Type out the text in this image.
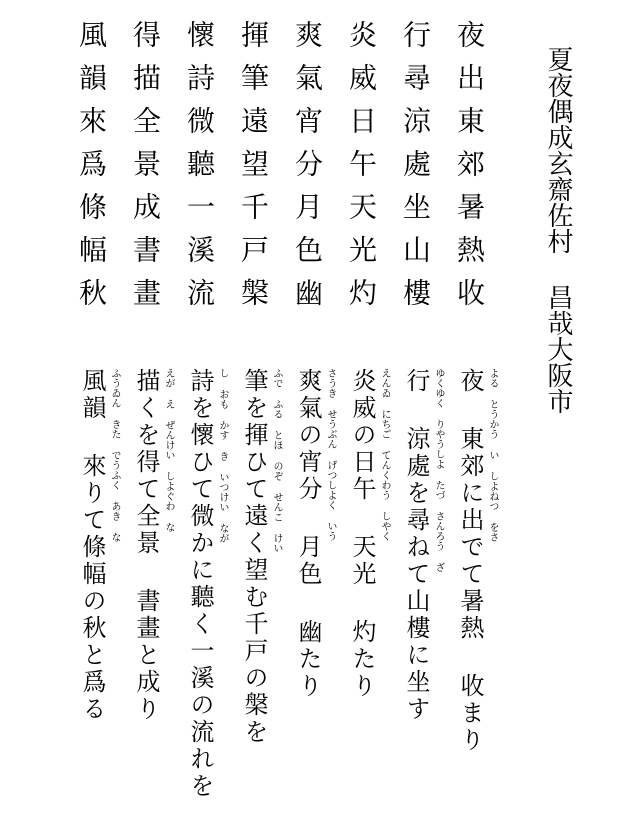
夜出東郊暑熱收
行尋涼處坐山樓
炎威日午天光灼
爽氣宵分月色幽
揮筆遠望千戸槃
懷詩微聽一溪流
得描全景成書畫
風韻來爲條幅秋	夏夜偶成玄齋佐村 昌哉大阪市
夜 東郊に出でて暑熱 收まり
行 涼處を尋ねて山樓に坐す
炎威の日午 天光 灼たり
爽氣の宵分 月色 幽たり
筆を揮ひて遠く望む千戸の槃を
詩を懷ひて微かに聽く一溪の流れを
描くを得て全景 書畫と成り
風韻 來りて條幅の秋と爲る	よる とうかう い しよねつ をさ
ゆくゆく りやうしよ たづ さんろう ざ
えんゐ にちご てんくわう しやく
さうき せうぶん げつしよく いう
ふで ふる とほ のぞ せんこ けい
し おも かす き いつけい なが
えが え ぜんけい しよぐわ な
ふうゐん きた でうふく あき な
